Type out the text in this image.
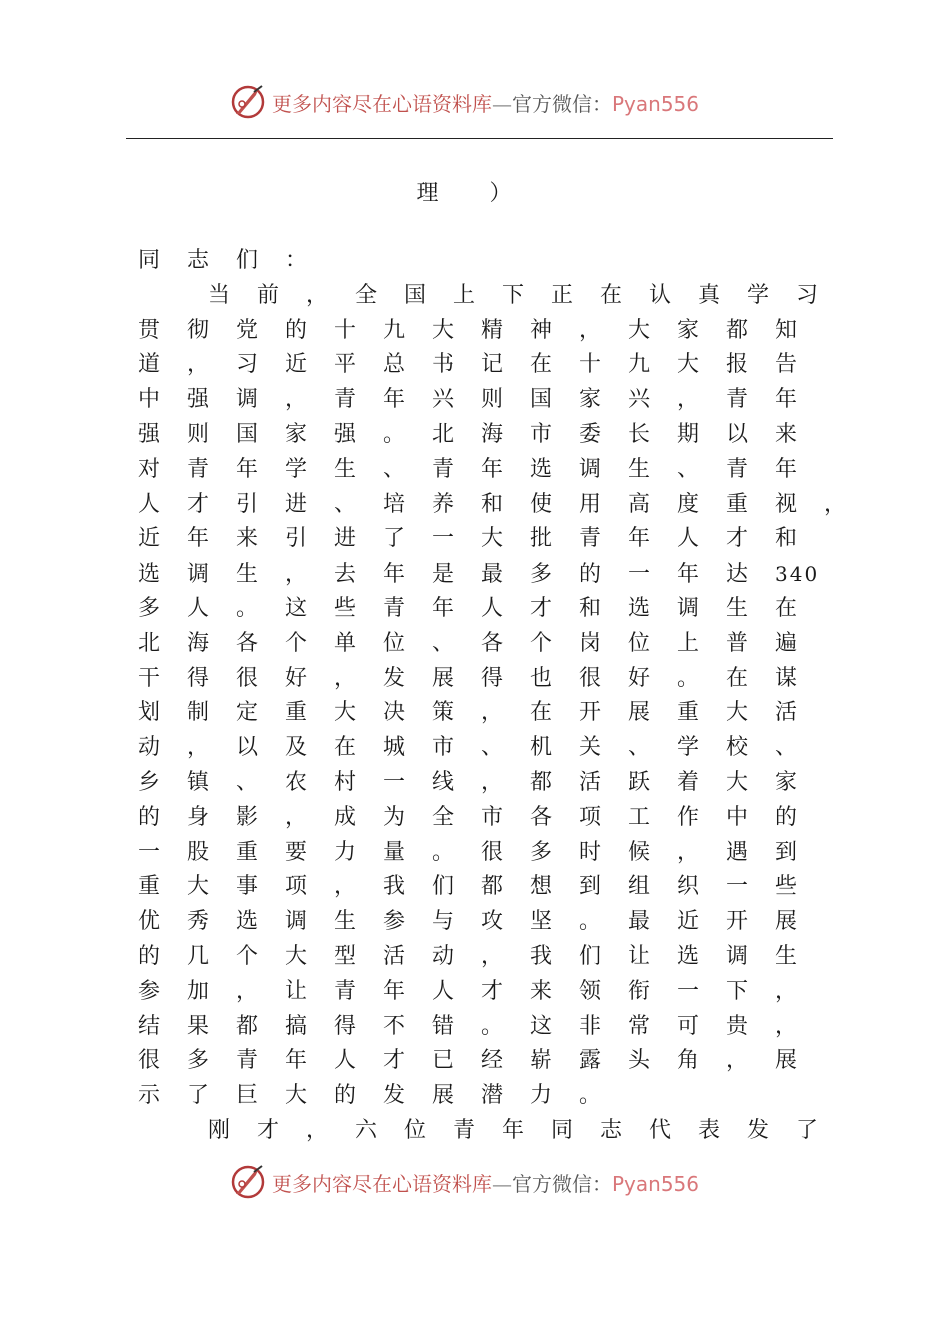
更多内容尽在心语资料库—官方微信：Pyan556
理 ）
同 志 们 ：
当 前 ， 全 国 上 下 正 在 认 真 学 习
贯 彻 党 的 十 九 大 精 神 ， 大 家 都 知
道 ， 习 近 平 总 书 记 在 十 九 大 报 告
中 强 调 ， 青 年 兴 则 国 家 兴 ， 青 年
强 则 国 家 强 。 北 海 市 委 长 期 以 来
对 青 年 学 生 、 青 年 选 调 生 、 青 年
人 才 引 进 、 培 养 和 使 用 高 度 重 视 ，
近 年 来 引 进 了 一 大 批 青 年 人 才 和
选 调 生 ， 去 年 是 最 多 的 一 年 达 340
多 人 。 这 些 青 年 人 才 和 选 调 生 在
北 海 各 个 单 位 、 各 个 岗 位 上 普 遍
干 得 很 好 ， 发 展 得 也 很 好 。 在 谋
划 制 定 重 大 决 策 ， 在 开 展 重 大 活
动 ， 以 及 在 城 市 、 机 关 、 学 校 、
乡 镇 、 农 村 一 线 ， 都 活 跃 着 大 家
的 身 影 ， 成 为 全 市 各 项 工 作 中 的
一 股 重 要 力 量 。 很 多 时 候 ， 遇 到
重 大 事 项 ， 我 们 都 想 到 组 织 一 些
优 秀 选 调 生 参 与 攻 坚 。 最 近 开 展
的 几 个 大 型 活 动 ， 我 们 让 选 调 生
参 加 ， 让 青 年 人 才 来 领 衔 一 下 ，
结 果 都 搞 得 不 错 。 这 非 常 可 贵 ，
很 多 青 年 人 才 已 经 崭 露 头 角 ， 展
示 了 巨 大 的 发 展 潜 力 。
刚 才 ， 六 位 青 年 同 志 代 表 发 了
更多内容尽在心语资料库—官方微信：Pyan556
